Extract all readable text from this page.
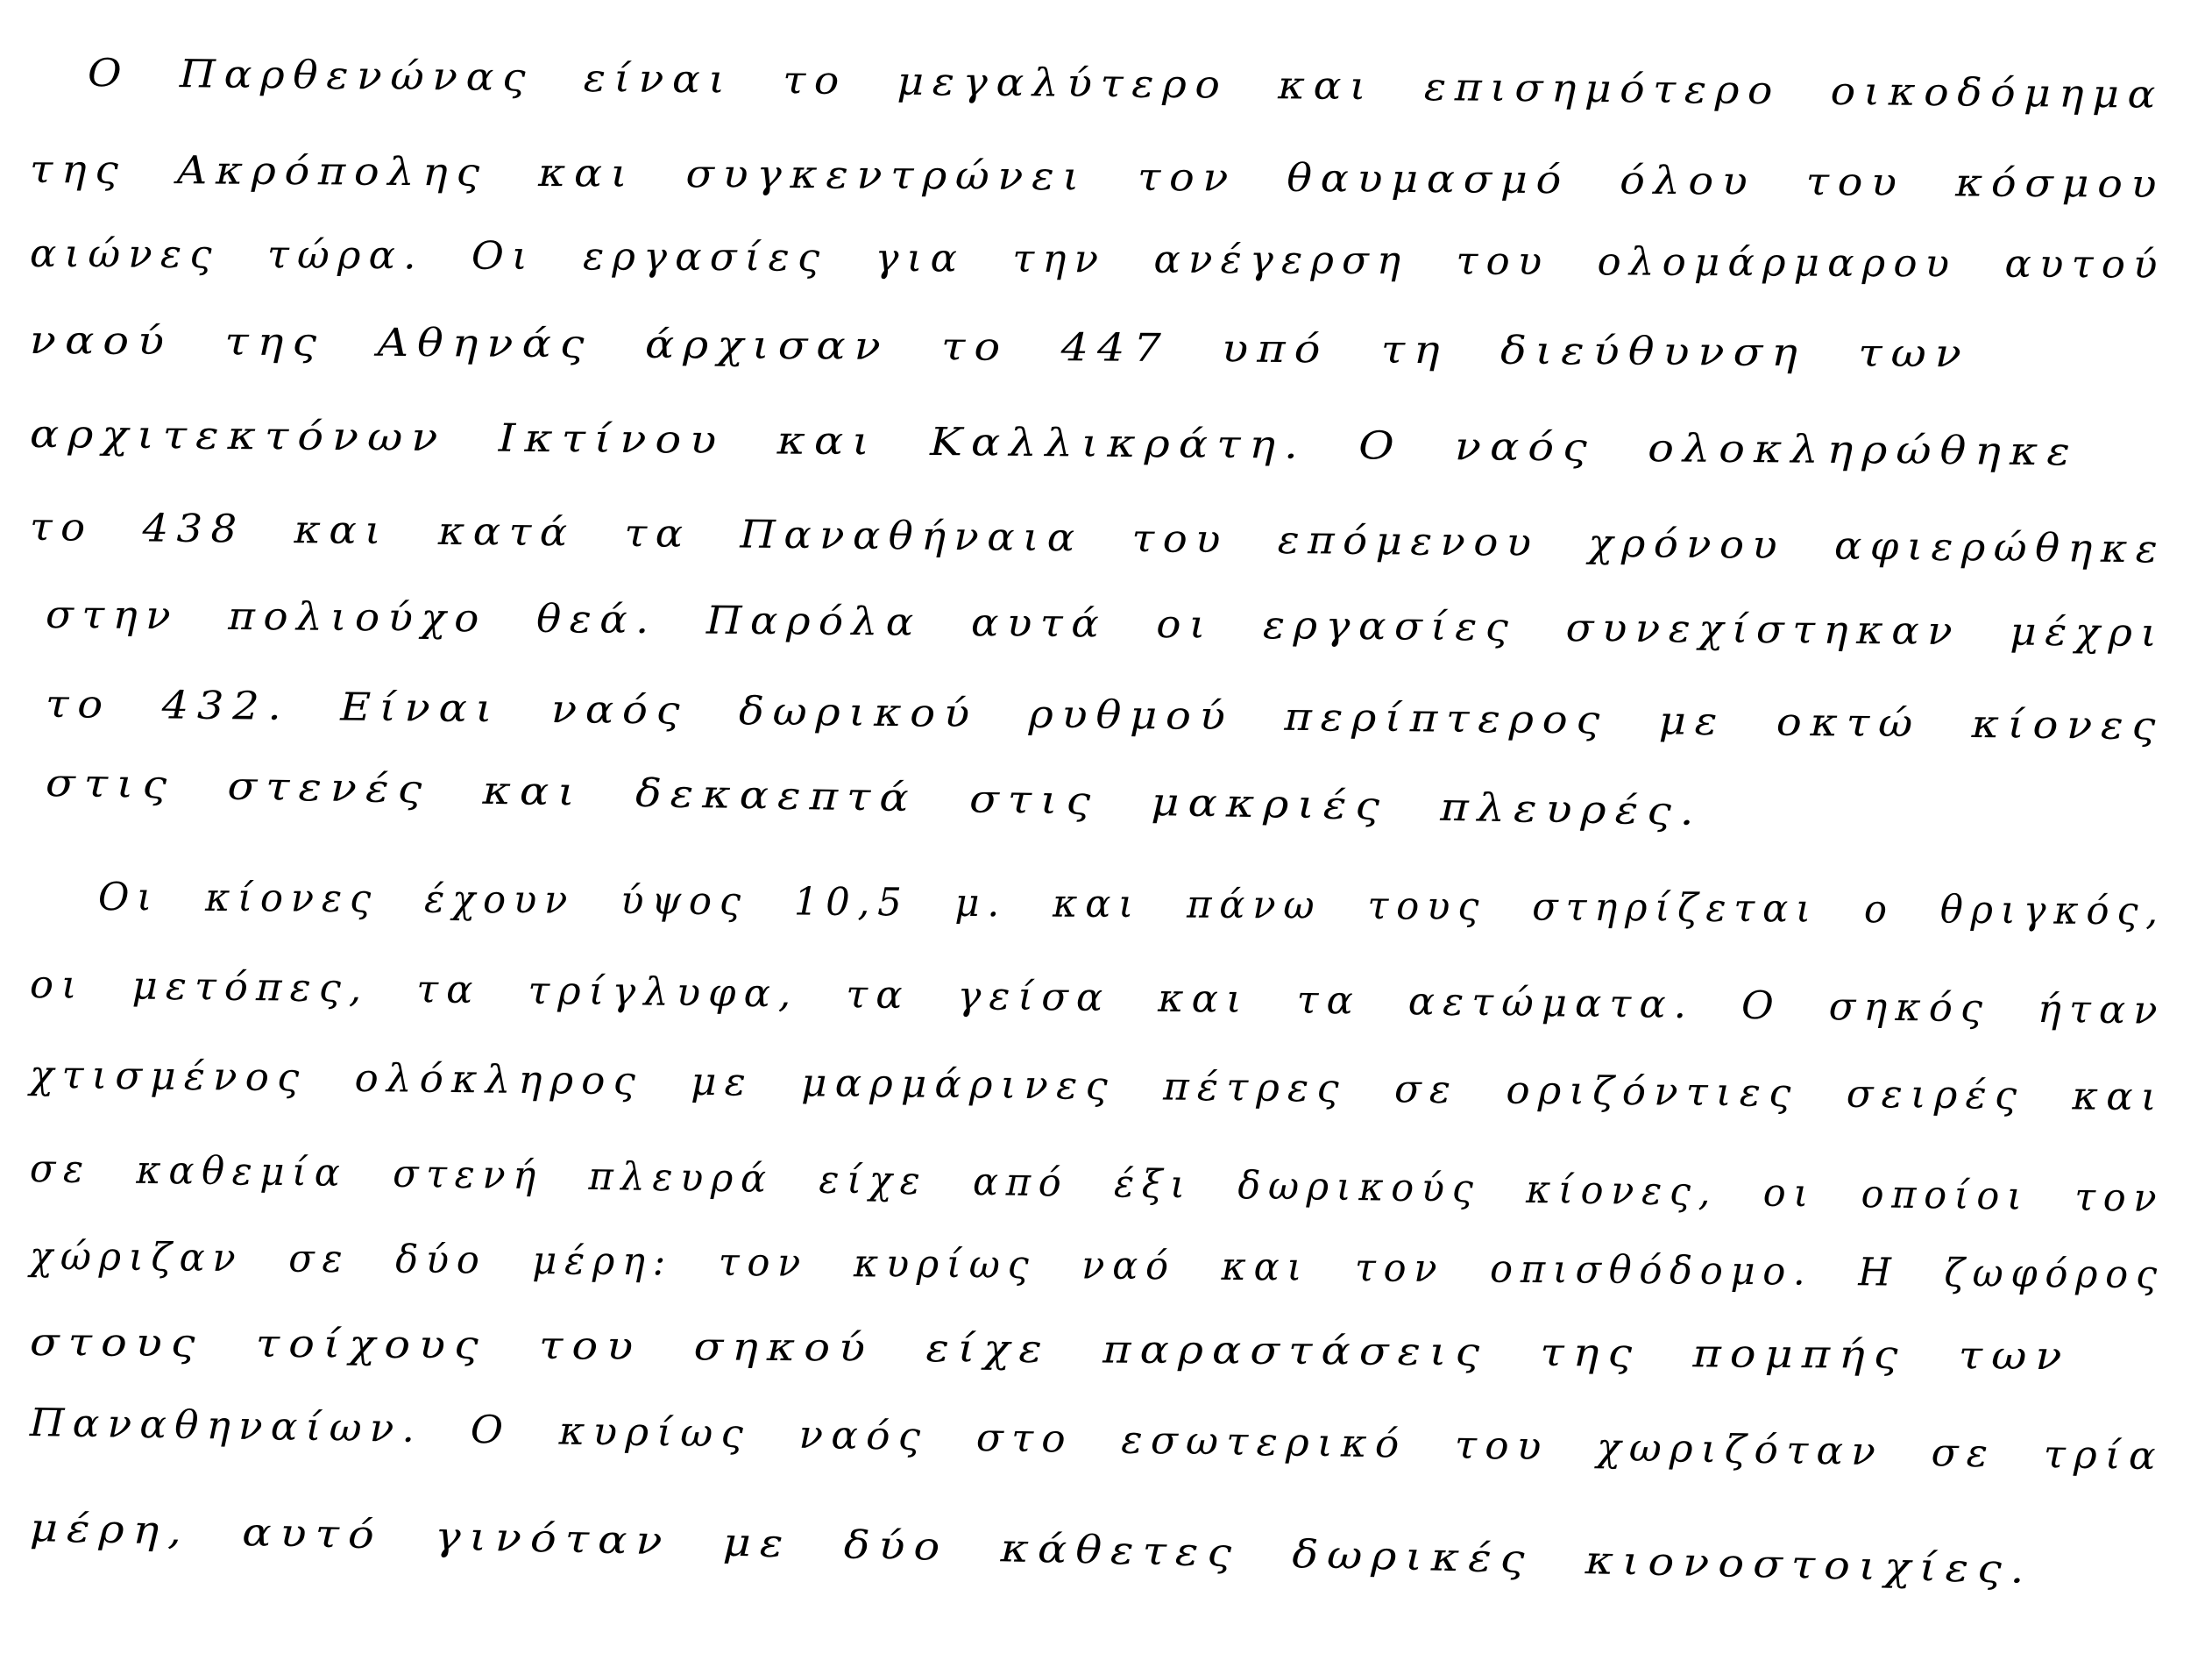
Ο Παρθενώνας είναι το μεγαλύτερο και επισημότερο οικοδόμημα
της Ακρόπολης και συγκεντρώνει τον θαυμασμό όλου του κόσμου
αιώνες τώρα. Οι εργασίες για την ανέγερση του ολομάρμαρου αυτού
ναού της Αθηνάς άρχισαν το 447 υπό τη διεύθυνση των
αρχιτεκτόνων Ικτίνου και Καλλικράτη. Ο ναός ολοκληρώθηκε
το 438 και κατά τα Παναθήναια του επόμενου χρόνου αφιερώθηκε
στην πολιούχο θεά. Παρόλα αυτά οι εργασίες συνεχίστηκαν μέχρι
το 432. Είναι ναός δωρικού ρυθμού περίπτερος με οκτώ κίονες
στις στενές και δεκαεπτά στις μακριές πλευρές.
Οι κίονες έχουν ύψος 10,5 μ. και πάνω τους στηρίζεται ο θριγκός,
οι μετόπες, τα τρίγλυφα, τα γείσα και τα αετώματα. Ο σηκός ήταν
χτισμένος ολόκληρος με μαρμάρινες πέτρες σε οριζόντιες σειρές και
σε καθεμία στενή πλευρά είχε από έξι δωρικούς κίονες, οι οποίοι τον
χώριζαν σε δύο μέρη: τον κυρίως ναό και τον οπισθόδομο. Η ζωφόρος
στους τοίχους του σηκού είχε παραστάσεις της πομπής των
Παναθηναίων. Ο κυρίως ναός στο εσωτερικό του χωριζόταν σε τρία
μέρη, αυτό γινόταν με δύο κάθετες δωρικές κιονοστοιχίες.
